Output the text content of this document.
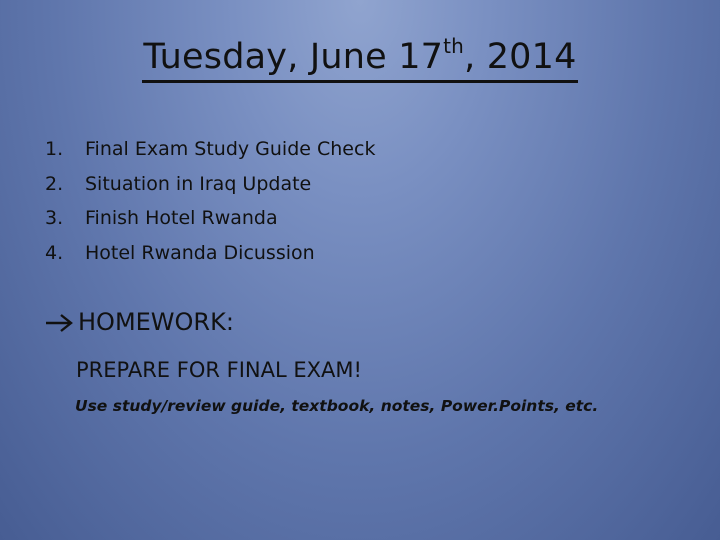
Tuesday, June 17th, 2014
1. Final Exam Study Guide Check
2. Situation in Iraq Update
3. Finish Hotel Rwanda
4. Hotel Rwanda Dicussion
HOMEWORK:
PREPARE FOR FINAL EXAM!
Use study/review guide, textbook, notes, Power.Points, etc.
